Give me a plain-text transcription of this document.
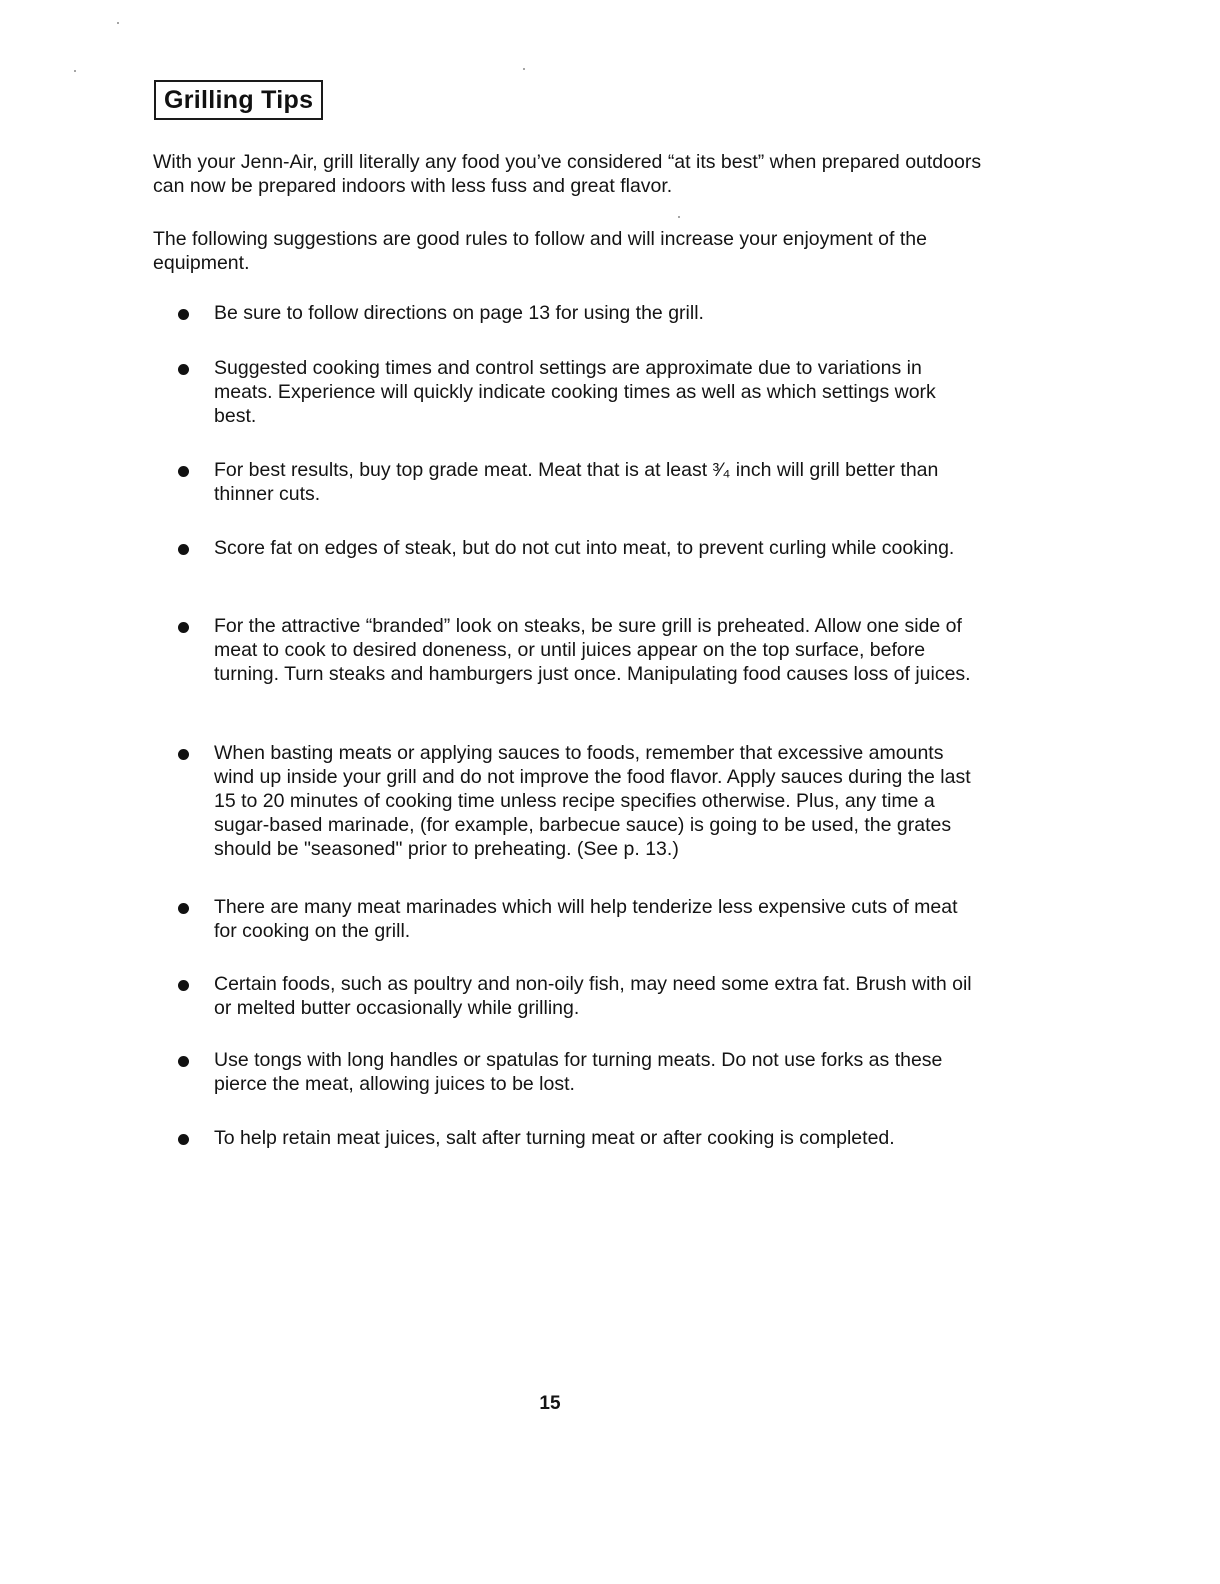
Grilling Tips

With your Jenn-Air, grill literally any food you’ve considered “at its best” when prepared outdoors can now be prepared indoors with less fuss and great flavor.

The following suggestions are good rules to follow and will increase your enjoyment of the equipment.

Be sure to follow directions on page 13 for using the grill.

Suggested cooking times and control settings are approximate due to variations in meats. Experience will quickly indicate cooking times as well as which settings work best.

For best results, buy top grade meat. Meat that is at least ³⁄₄ inch will grill better than thinner cuts.

Score fat on edges of steak, but do not cut into meat, to prevent curling while cooking.

For the attractive “branded” look on steaks, be sure grill is preheated. Allow one side of meat to cook to desired doneness, or until juices appear on the top surface, before turning. Turn steaks and hamburgers just once. Manipulating food causes loss of juices.

When basting meats or applying sauces to foods, remember that excessive amounts wind up inside your grill and do not improve the food flavor. Apply sauces during the last 15 to 20 minutes of cooking time unless recipe specifies otherwise. Plus, any time a sugar-based marinade, (for example, barbecue sauce) is going to be used, the grates should be "seasoned" prior to preheating. (See p. 13.)

There are many meat marinades which will help tenderize less expensive cuts of meat for cooking on the grill.

Certain foods, such as poultry and non-oily fish, may need some extra fat. Brush with oil or melted butter occasionally while grilling.

Use tongs with long handles or spatulas for turning meats. Do not use forks as these pierce the meat, allowing juices to be lost.

To help retain meat juices, salt after turning meat or after cooking is completed.

15
